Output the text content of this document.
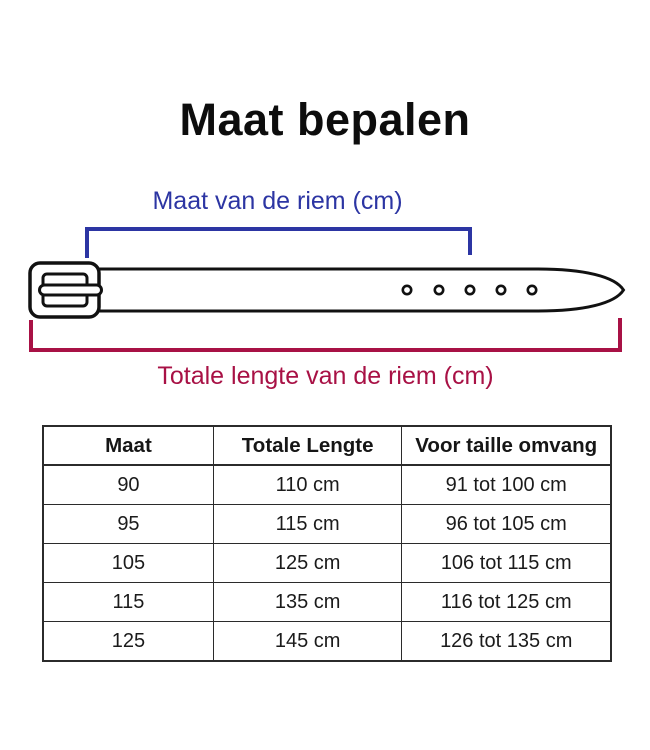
Maat bepalen
Maat van de riem (cm)
Totale lengte van de riem (cm)
Maat	Totale Lengte	Voor taille omvang
90	110 cm	91 tot 100 cm
95	115 cm	96 tot 105 cm
105	125 cm	106 tot 115 cm
115	135 cm	116 tot 125 cm
125	145 cm	126 tot 135 cm
